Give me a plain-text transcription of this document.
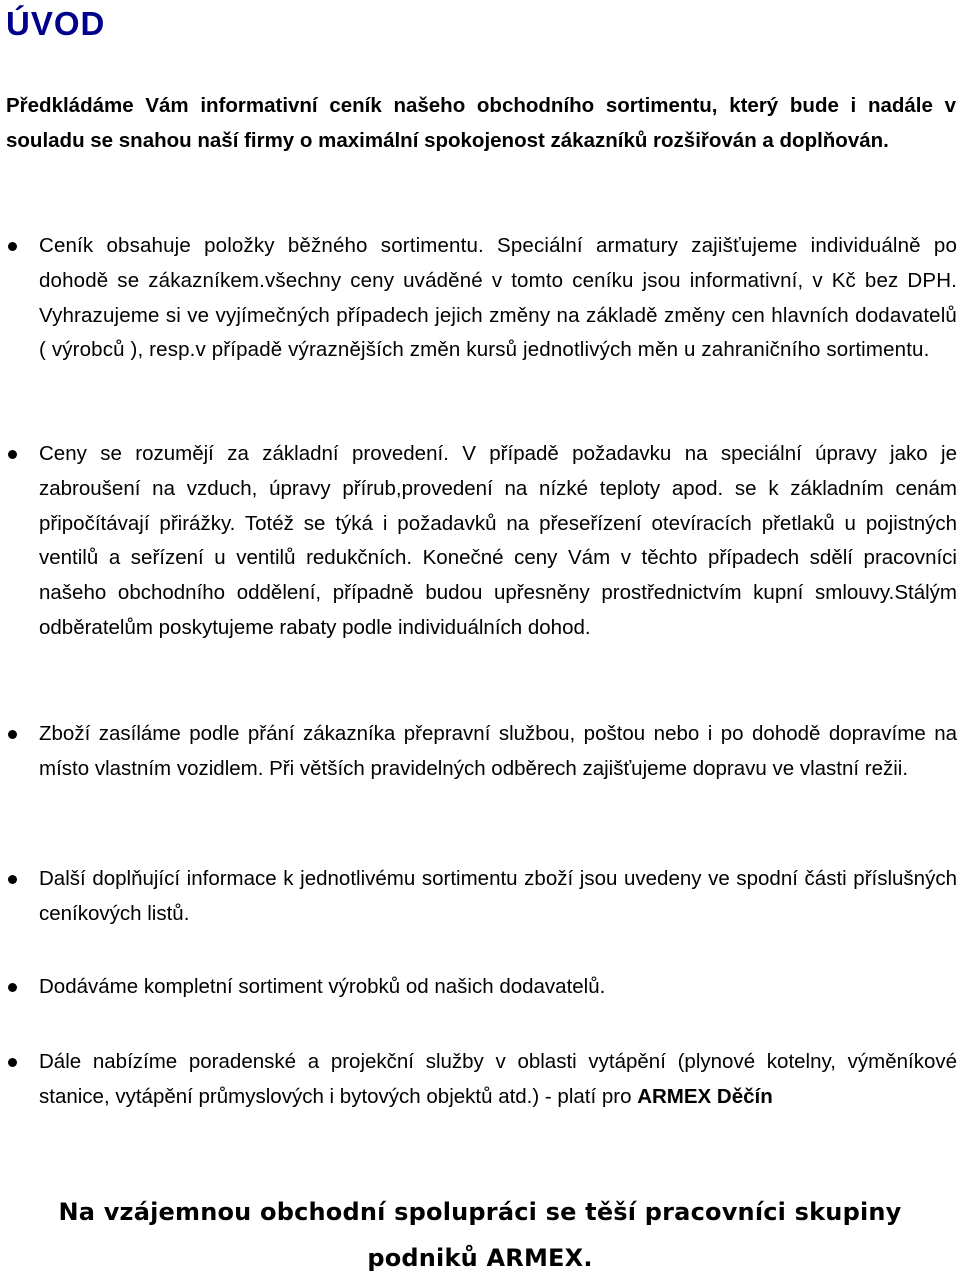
ÚVOD

Předkládáme Vám informativní ceník našeho obchodního sortimentu, který bude i nadále v souladu se snahou naší firmy o maximální spokojenost zákazníků rozšiřován a doplňován.

Ceník obsahuje položky běžného sortimentu. Speciální armatury zajišťujeme individuálně po dohodě se zákazníkem.všechny ceny uváděné v tomto ceníku jsou informativní, v Kč bez DPH. Vyhrazujeme si ve vyjímečných případech jejich změny na základě změny cen hlavních dodavatelů ( výrobců ), resp.v případě výraznějších změn kursů jednotlivých měn u zahraničního sortimentu.

Ceny se rozumějí za základní provedení. V případě požadavku na speciální úpravy jako je zabroušení na vzduch, úpravy přírub,provedení na nízké teploty apod. se k základním cenám připočítávají přirážky. Totéž se týká i požadavků na přeseřízení otevíracích přetlaků u pojistných ventilů a seřízení u ventilů redukčních. Konečné ceny Vám v těchto případech sdělí pracovníci našeho obchodního oddělení, případně budou upřesněny prostřednictvím kupní smlouvy.Stálým odběratelům poskytujeme rabaty podle individuálních dohod.

Zboží zasíláme podle přání zákazníka přepravní službou, poštou nebo i po dohodě dopravíme na místo vlastním vozidlem. Při větších pravidelných odběrech zajišťujeme dopravu ve vlastní režii.

Další doplňující informace k jednotlivému sortimentu zboží jsou uvedeny ve spodní části příslušných ceníkových listů.

Dodáváme kompletní sortiment výrobků od našich dodavatelů.

Dále nabízíme poradenské a projekční služby v oblasti vytápění (plynové kotelny, výměníkové stanice, vytápění průmyslových i bytových objektů atd.) - platí pro ARMEX Děčín

Na vzájemnou obchodní spolupráci se těší pracovníci skupiny podniků ARMEX.
